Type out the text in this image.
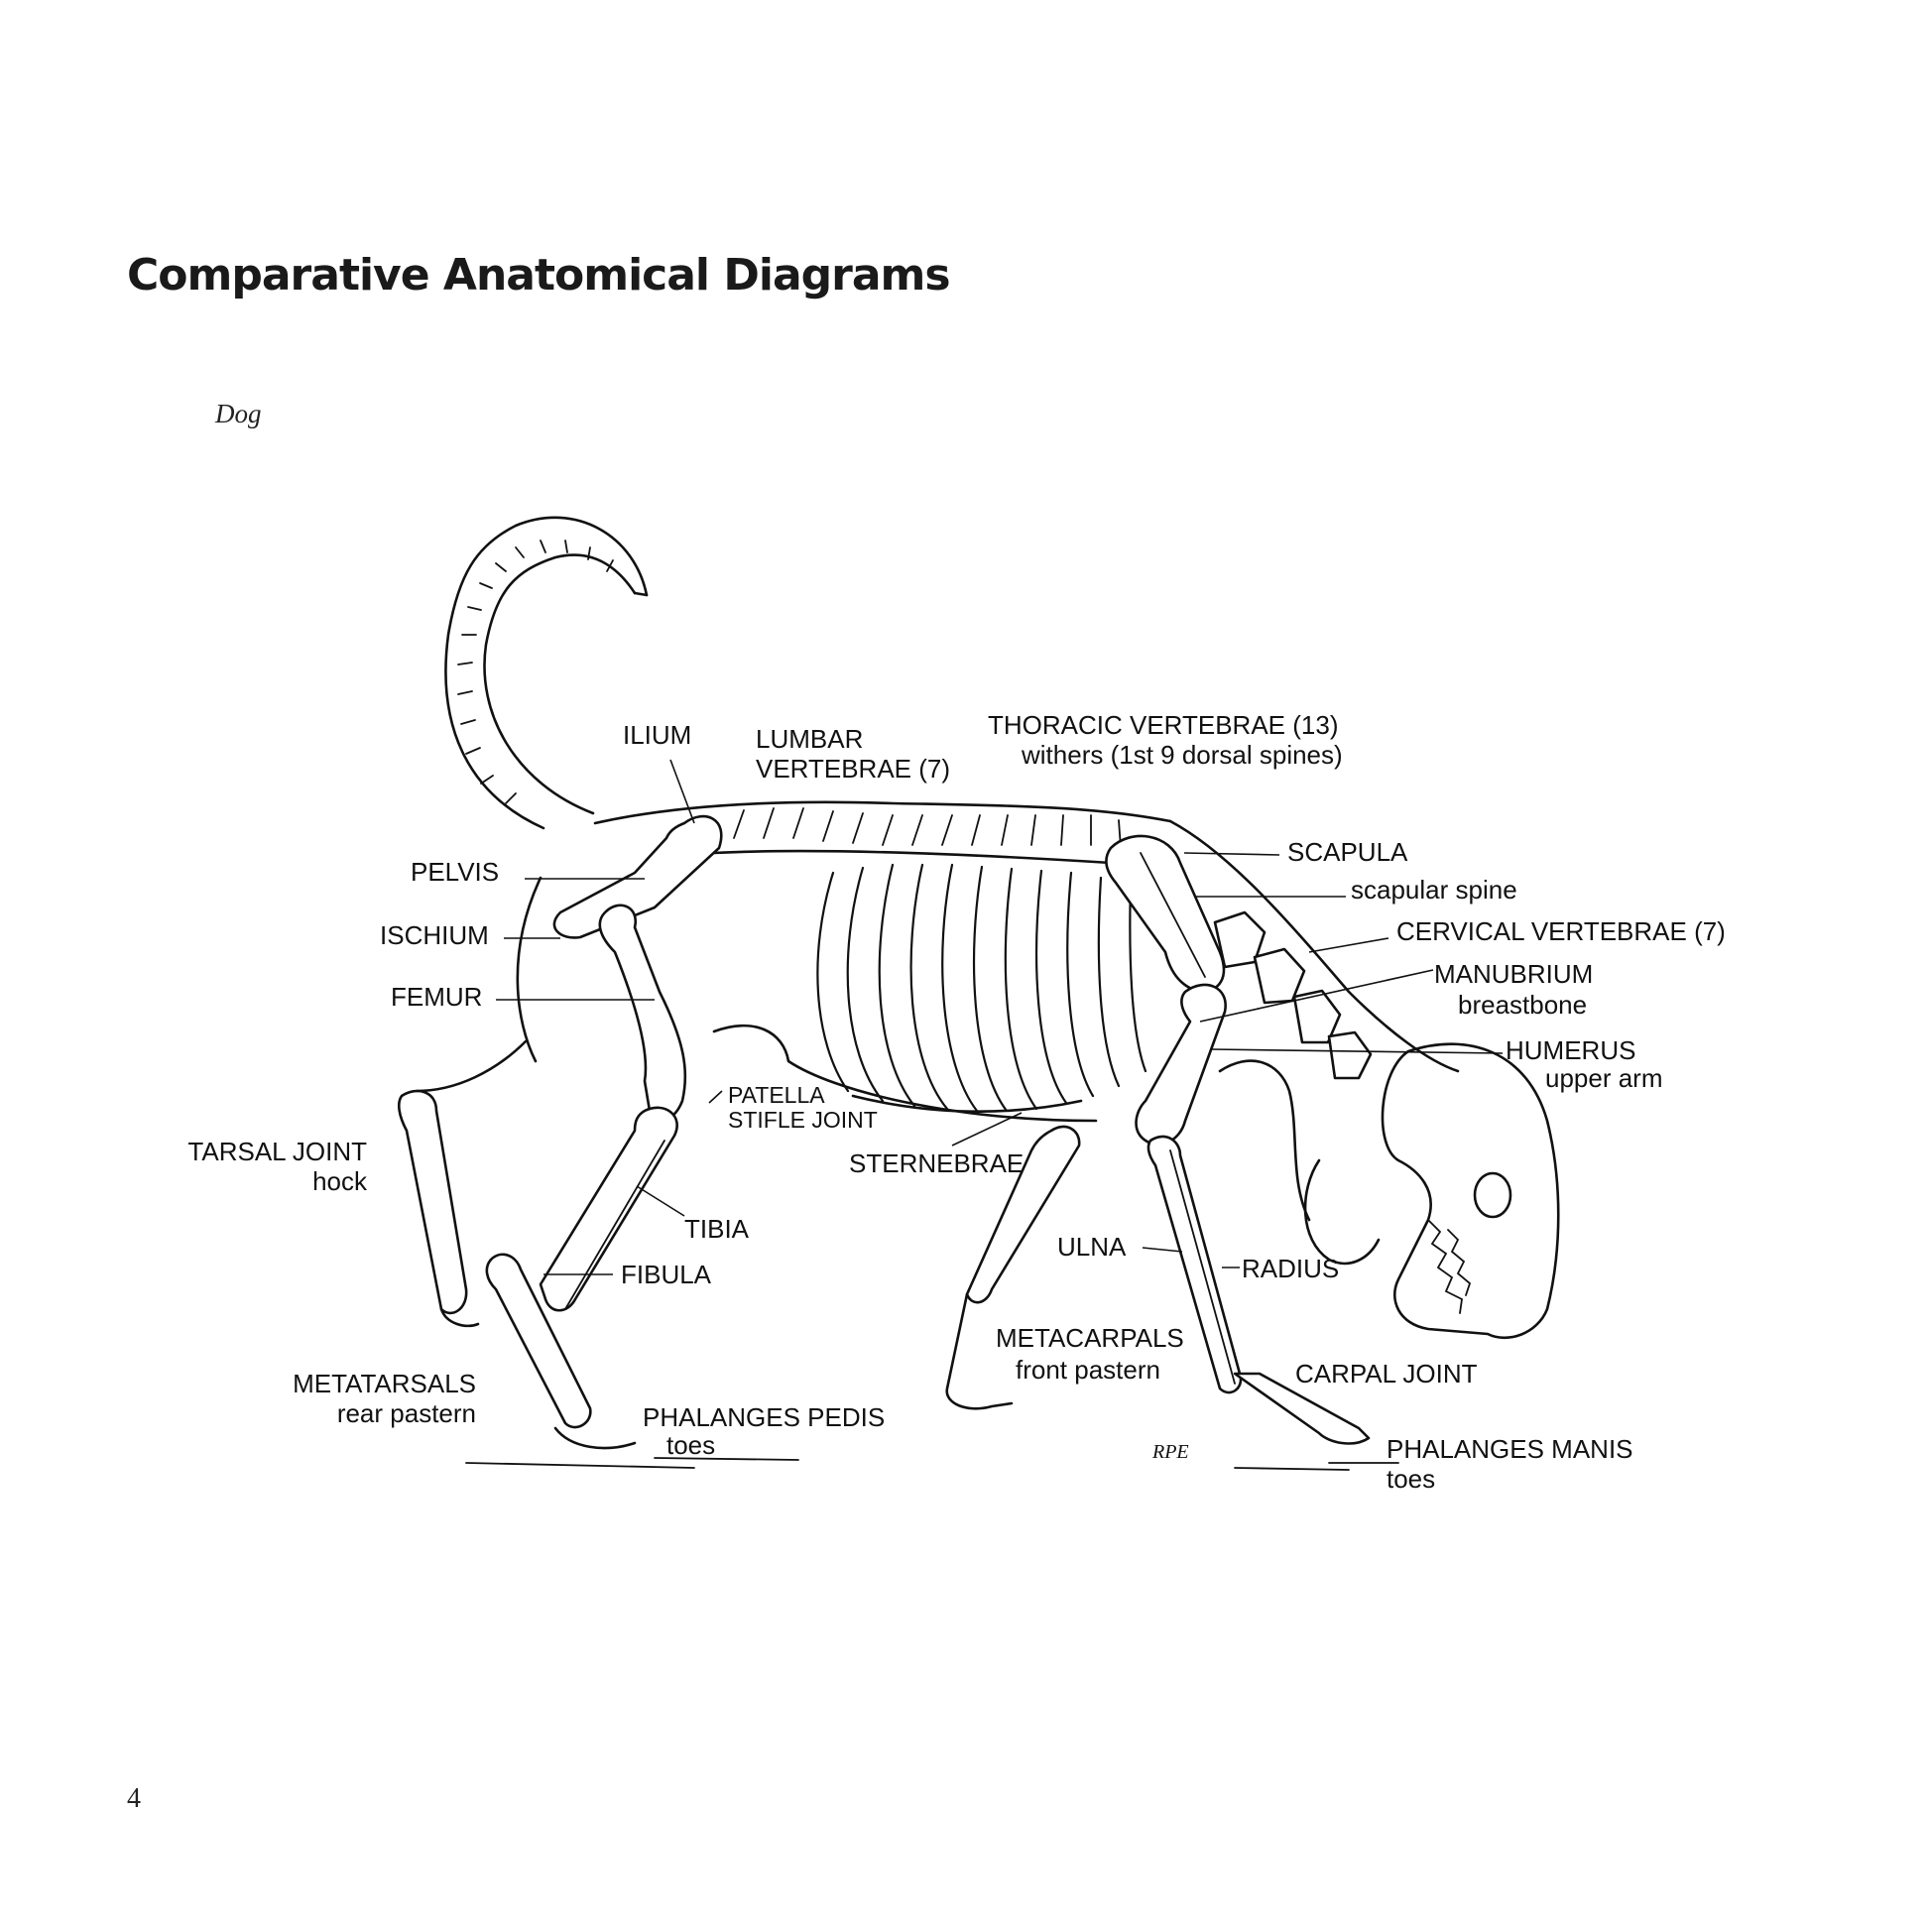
Comparative Anatomical Diagrams
Dog
ILIUM LUMBAR
VERTEBRAE (7)
THORACIC VERTEBRAE (13)
withers (1st 9 dorsal spines)
SCAPULA
scapular spine
CERVICAL VERTEBRAE (7)
MANUBRIUM
breastbone
HUMERUS
upper arm
PELVIS
ISCHIUM
FEMUR
PATELLA
STIFLE JOINT
TARSAL JOINT
hock
STERNEBRAE
TIBIA
FIBULA
ULNA
RADIUS
METACARPALS
front pastern	CARPAL JOINT
METATARSALS
rear pastern	PHALANGES PEDIS
toes	PHALANGES MANIS
toes
RPE
4
